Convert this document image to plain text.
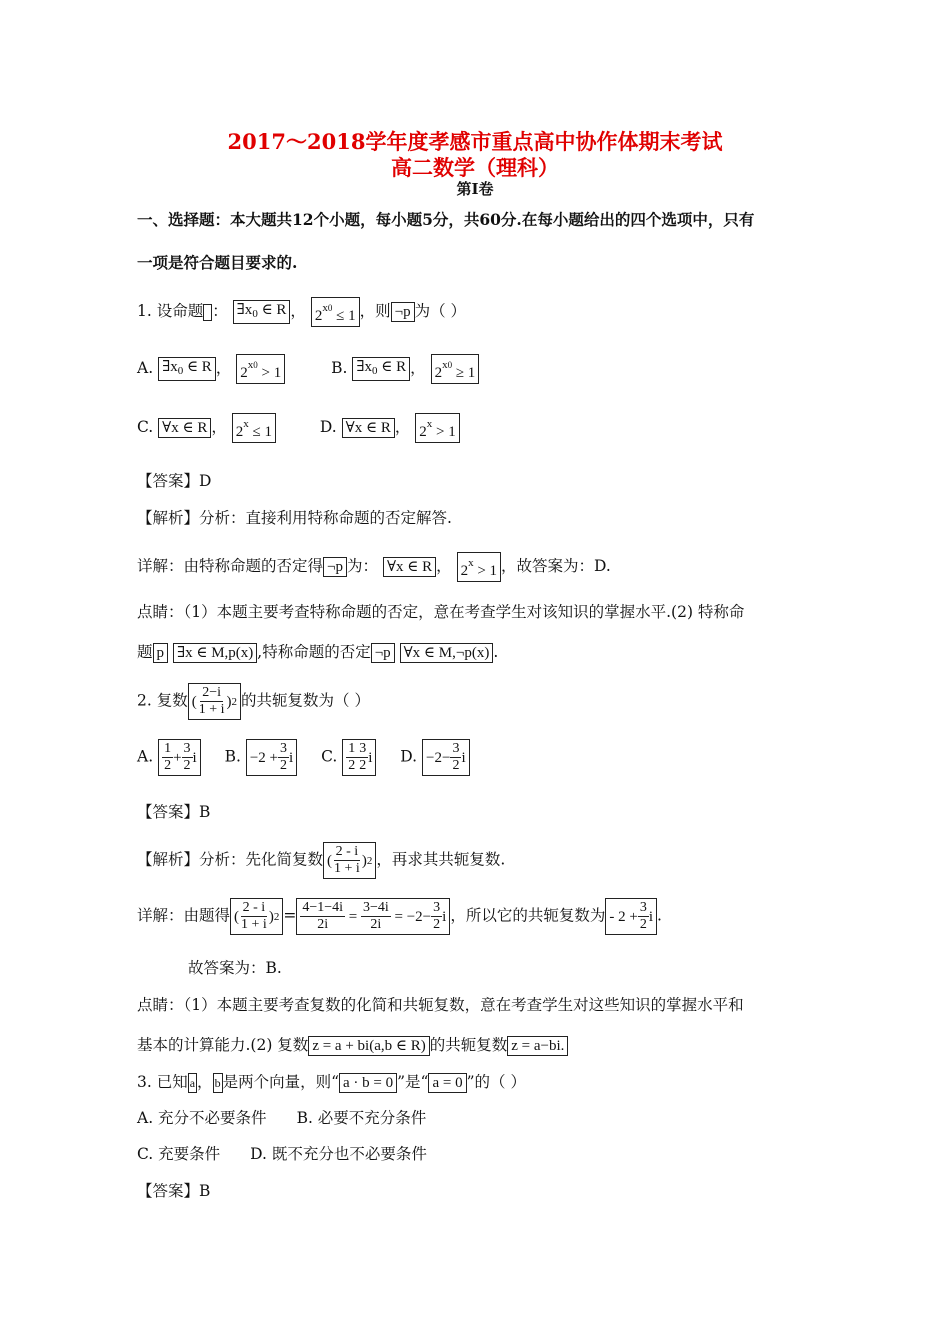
2017～2018学年度孝感市重点高中协作体期末考试
高二数学（理科）
第Ⅰ卷
一、选择题：本大题共12个小题，每小题5分，共60分.在每小题给出的四个选项中，只有
一项是符合题目要求的.
1. 设命题 ： $\exists x_0$ ∈ R ， $2^{x0} \le 1$ ，则 ¬p 为（ ）
A. $\exists x_0$ ∈ R ， $2^{x0} > 1$	B. $\exists x_0$ ∈ R ， $2^{x0} \ge 1$
C. ∀x ∈ R ， $2^x \le 1$	D. ∀x ∈ R ， $2^x > 1$
【答案】D
【解析】分析：直接利用特称命题的否定解答.
详解：由特称命题的否定得 ¬p 为： ∀x ∈ R ， $2^x > 1$ ，故答案为：D.
点睛：（1）本题主要考查特称命题的否定，意在考查学生对该知识的掌握水平.(2) 特称命
题 p ∃x ∈ M,p(x) ,特称命题的否定 ¬p ∀x ∈ M,¬p(x) .
2. 复数 ( $\frac{2-i}{1 + i}$ ) 2 的共轭复数为（ ）
A. $\frac{1}{2} + \frac{3}{2}$ i B. $-2 + \frac{3}{2}$ i C. $\frac{1}{2} \frac{3}{2}$ i D. $-2- \frac{3}{2}$ i
【答案】B
【解析】分析：先化简复数 ( $\frac{2 - i}{1 + i}$ ) 2 ，再求其共轭复数.
详解：由题得 ( $\frac{2 - i}{1 + i}$ ) $2 = \frac{4-1-4i}{2i}$
=
$\frac{3-4i}{2i}$
= $-2- \frac{3}{2}$ i ，所以它的共轭复数为 - $2 + \frac{3}{2}$ i .
故答案为：B.
点睛：（1）本题主要考查复数的化简和共轭复数，意在考查学生对这些知识的掌握水平和
基本的计算能力.(2) 复数 z = a + bi(a,b ∈ R) 的共轭复数 z = a−bi.
3. 已知 a ， b 是两个向量，则“ a · b = 0 ”是“ a = 0 ”的（ ）
A. 充分不必要条件 B. 必要不充分条件
C. 充要条件 D. 既不充分也不必要条件
【答案】B
